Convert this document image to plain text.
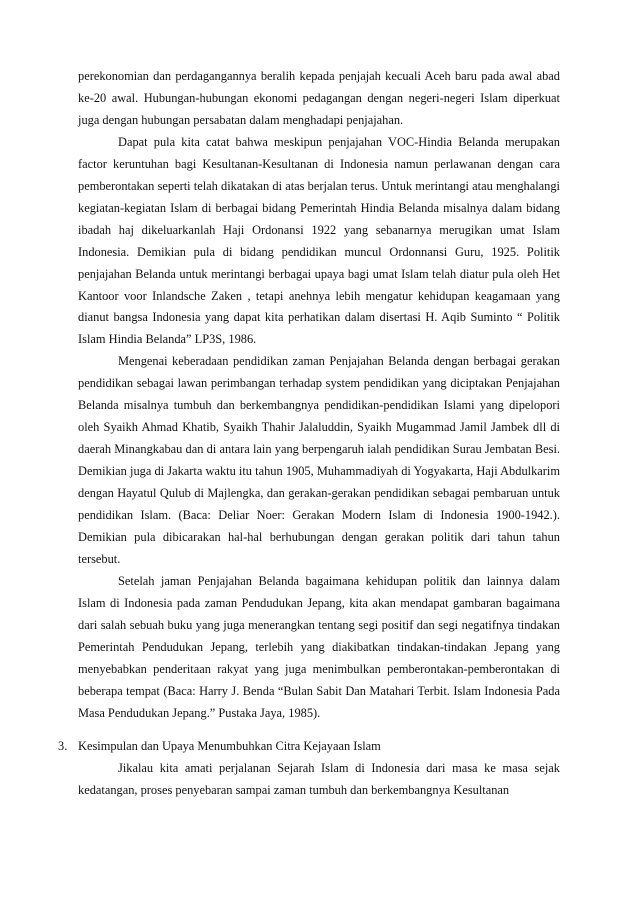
perekonomian dan perdagangannya beralih kepada penjajah kecuali Aceh baru pada awal abad ke-20 awal. Hubungan-hubungan ekonomi pedagangan dengan negeri-negeri Islam diperkuat juga dengan hubungan persabatan dalam menghadapi penjajahan.

Dapat pula kita catat bahwa meskipun penjajahan VOC-Hindia Belanda merupakan factor keruntuhan bagi Kesultanan-Kesultanan di Indonesia namun perlawanan dengan cara pemberontakan seperti telah dikatakan di atas berjalan terus. Untuk merintangi atau menghalangi kegiatan-kegiatan Islam di berbagai bidang Pemerintah Hindia Belanda misalnya dalam bidang ibadah haj dikeluarkanlah Haji Ordonansi 1922 yang sebanarnya merugikan umat Islam Indonesia. Demikian pula di bidang pendidikan muncul Ordonnansi Guru, 1925. Politik penjajahan Belanda untuk merintangi berbagai upaya bagi umat Islam telah diatur pula oleh Het Kantoor voor Inlandsche Zaken , tetapi anehnya lebih mengatur kehidupan keagamaan yang dianut bangsa Indonesia yang dapat kita perhatikan dalam disertasi H. Aqib Suminto “ Politik Islam Hindia Belanda” LP3S, 1986.

Mengenai keberadaan pendidikan zaman Penjajahan Belanda dengan berbagai gerakan pendidikan sebagai lawan perimbangan terhadap system pendidikan yang diciptakan Penjajahan Belanda misalnya tumbuh dan berkembangnya pendidikan-pendidikan Islami yang dipelopori oleh Syaikh Ahmad Khatib, Syaikh Thahir Jalaluddin, Syaikh Mugammad Jamil Jambek dll di daerah Minangkabau dan di antara lain yang berpengaruh ialah pendidikan Surau Jembatan Besi. Demikian juga di Jakarta waktu itu tahun 1905, Muhammadiyah di Yogyakarta, Haji Abdulkarim dengan Hayatul Qulub di Majlengka, dan gerakan-gerakan pendidikan sebagai pembaruan untuk pendidikan Islam. (Baca: Deliar Noer: Gerakan Modern Islam di Indonesia 1900-1942.). Demikian pula dibicarakan hal-hal berhubungan dengan gerakan politik dari tahun tahun tersebut.

Setelah jaman Penjajahan Belanda bagaimana kehidupan politik dan lainnya dalam Islam di Indonesia pada zaman Pendudukan Jepang, kita akan mendapat gambaran bagaimana dari salah sebuah buku yang juga menerangkan tentang segi positif dan segi negatifnya tindakan Pemerintah Pendudukan Jepang, terlebih yang diakibatkan tindakan-tindakan Jepang yang menyebabkan penderitaan rakyat yang juga menimbulkan pemberontakan-pemberontakan di beberapa tempat (Baca: Harry J. Benda “Bulan Sabit Dan Matahari Terbit. Islam Indonesia Pada Masa Pendudukan Jepang.” Pustaka Jaya, 1985).

3. Kesimpulan dan Upaya Menumbuhkan Citra Kejayaan Islam

Jikalau kita amati perjalanan Sejarah Islam di Indonesia dari masa ke masa sejak kedatangan, proses penyebaran sampai zaman tumbuh dan berkembangnya Kesultanan
